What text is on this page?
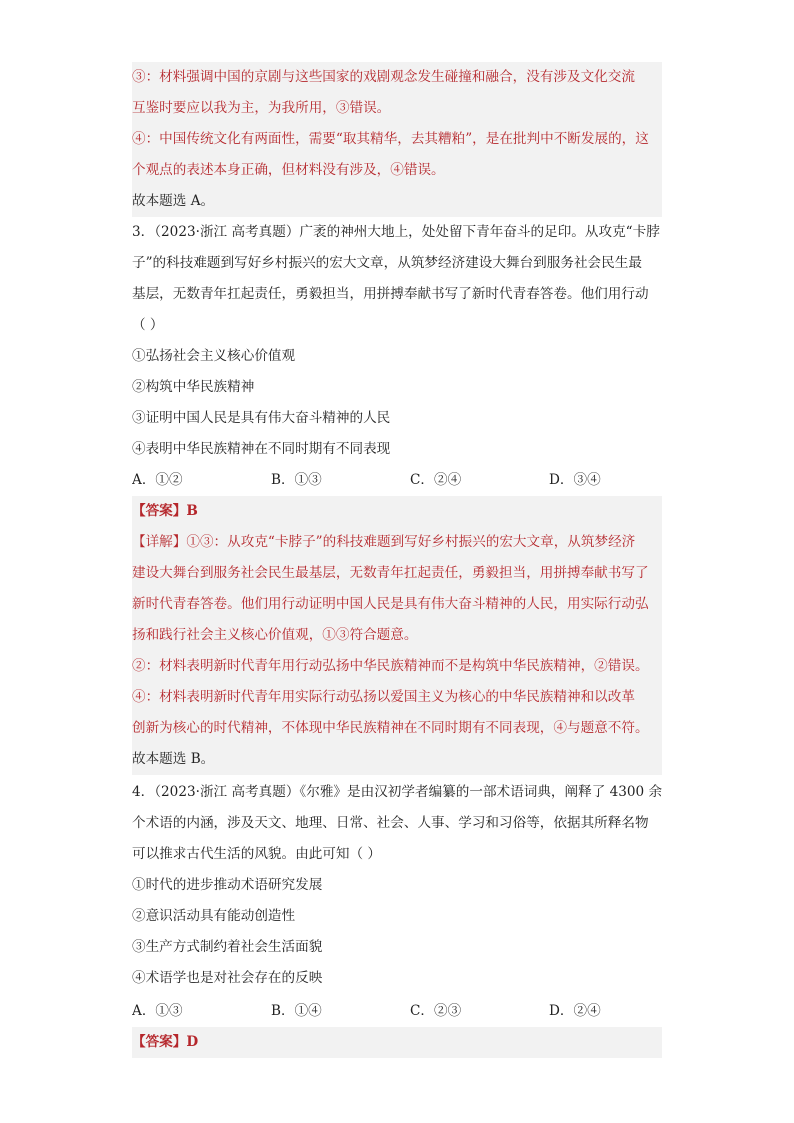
③：材料强调中国的京剧与这些国家的戏剧观念发生碰撞和融合，没有涉及文化交流
互鉴时要应以我为主，为我所用，③错误。
④：中国传统文化有两面性，需要“取其精华，去其糟粕”，是在批判中不断发展的，这
个观点的表述本身正确，但材料没有涉及，④错误。
故本题选 A。
3．（2023·浙江 高考真题）广袤的神州大地上，处处留下青年奋斗的足印。从攻克“卡脖
子”的科技难题到写好乡村振兴的宏大文章，从筑梦经济建设大舞台到服务社会民生最
基层，无数青年扛起责任，勇毅担当，用拼搏奉献书写了新时代青春答卷。他们用行动
（ ）
①弘扬社会主义核心价值观
②构筑中华民族精神
③证明中国人民是具有伟大奋斗精神的人民
④表明中华民族精神在不同时期有不同表现
A．①②	B．①③	C．②④	D．③④
【答案】B
【详解】①③：从攻克“卡脖子”的科技难题到写好乡村振兴的宏大文章，从筑梦经济
建设大舞台到服务社会民生最基层，无数青年扛起责任，勇毅担当，用拼搏奉献书写了
新时代青春答卷。他们用行动证明中国人民是具有伟大奋斗精神的人民，用实际行动弘
扬和践行社会主义核心价值观，①③符合题意。
②：材料表明新时代青年用行动弘扬中华民族精神而不是构筑中华民族精神，②错误。
④：材料表明新时代青年用实际行动弘扬以爱国主义为核心的中华民族精神和以改革
创新为核心的时代精神，不体现中华民族精神在不同时期有不同表现，④与题意不符。
故本题选 B。
4．（2023·浙江 高考真题）《尔雅》是由汉初学者编纂的一部术语词典，阐释了 4300 余
个术语的内涵，涉及天文、地理、日常、社会、人事、学习和习俗等，依据其所释名物
可以推求古代生活的风貌。由此可知（ ）
①时代的进步推动术语研究发展
②意识活动具有能动创造性
③生产方式制约着社会生活面貌
④术语学也是对社会存在的反映
A．①③	B．①④	C．②③	D．②④
【答案】D
